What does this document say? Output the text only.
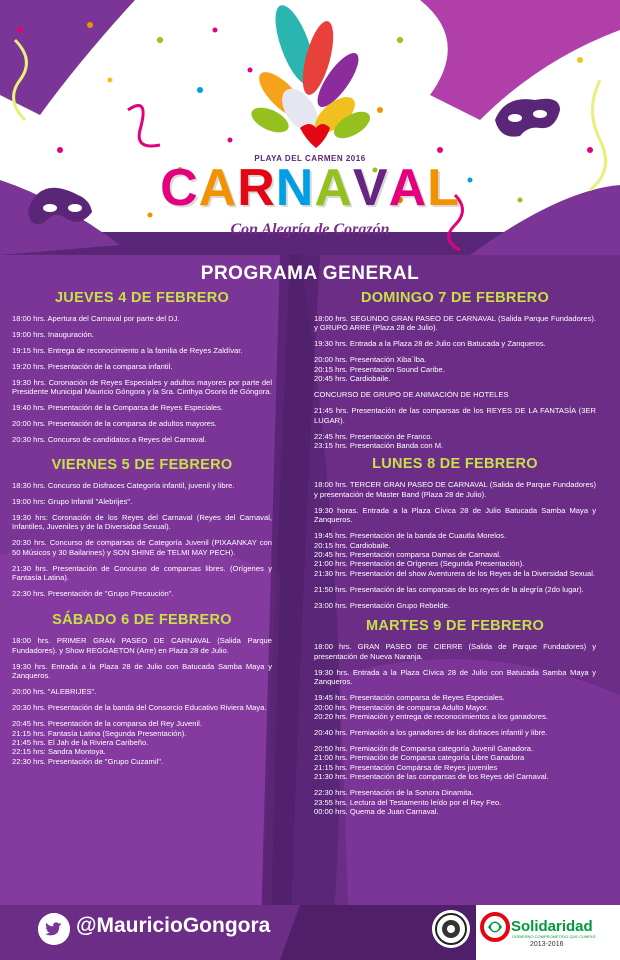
PLAYA DEL CARMEN 2016
CARNAVAL
Con Alegría de Corazón
PROGRAMA GENERAL
JUEVES 4 DE FEBRERO
18:00 hrs. Apertura del Carnaval por parte del DJ.
19:00 hrs. Inauguración.
19:15 hrs. Entrega de reconocimiento a la familia de Reyes Zaldívar.
19:20 hrs. Presentación de la comparsa infantil.
19:30 hrs. Coronación de Reyes Especiales y adultos mayores por parte del Presidente Municipal Mauricio Góngora y la Sra. Cinthya Osorio de Góngora.
19:40 hrs. Presentación de la Comparsa de Reyes Especiales.
20:00 hrs. Presentación de la comparsa de adultos mayores.
20:30 hrs. Concurso de candidatos a Reyes del Carnaval.
VIERNES 5 DE FEBRERO
18:30 hrs. Concurso de Disfraces Categoría infantil, juvenil y libre.
19:00 hrs: Grupo Infantil "Alebrijes".
19:30 hrs: Coronación de los Reyes del Carnaval (Reyes del Carnaval, Infantiles, Juveniles y de la Diversidad Sexual).
20:30 hrs. Concurso de comparsas de Categoría Juvenil (PIXAANKAY con 50 Músicos y 30 Bailarines) y SON SHINE de TELMI MAY PECH).
21:30 hrs. Presentación de Concurso de comparsas libres. (Orígenes y Fantasía Latina).
22:30 hrs. Presentación de "Grupo Precaución".
SÁBADO 6 DE FEBRERO
18:00 hrs. PRIMER GRAN PASEO DE CARNAVAL (Salida Parque Fundadores). y Show REGGAETON (Arre) en Plaza 28 de Julio.
19:30 hrs. Entrada a la Plaza 28 de Julio con Batucada Samba Maya y Zanqueros.
20:00 hrs. "ALEBRIJES".
20:30 hrs. Presentación de la banda del Consorcio Educativo Riviera Maya.
20:45 hrs. Presentación de la comparsa del Rey Juvenil.
21:15 hrs. Fantasía Latina (Segunda Presentación).
21:45 hrs. El Jah de la Riviera Caribeño.
22:15 hrs: Sandra Montoya.
22:30 hrs. Presentación de "Grupo Cuzamil".
DOMINGO 7 DE FEBRERO
18:00 hrs. SEGUNDO GRAN PASEO DE CARNAVAL (Salida Parque Fundadores). y GRUPO ARRE (Plaza 28 de Julio).
19:30 hrs. Entrada a la Plaza 28 de Julio con Batucada y Zanqueros.
20:00 hrs. Presentación Xiba´lba.
20:15 hrs. Presentación Sound Caribe.
20:45 hrs. Cardiobaile.
CONCURSO DE GRUPO DE ANIMACIÓN DE HOTELES
21:45 hrs. Presentación de las comparsas de los REYES DE LA FANTASÍA (3ER LUGAR).
22:45 hrs. Presentación de Franco.
23:15 hrs. Presentación Banda con M.
LUNES 8 DE FEBRERO
18:00 hrs. TERCER GRAN PASEO DE CARNAVAL (Salida de Parque Fundadores) y presentación de Master Band (Plaza 28 de Julio).
19:30 horas. Entrada a la Plaza Cívica 28 de Julio Batucada Samba Maya y Zanqueros.
19:45 hrs. Presentación de la banda de Cuautla Morelos.
20:15 hrs. Cardiobaile.
20:45 hrs. Presentación comparsa Damas de Carnaval.
21:00 hrs. Presentación de Orígenes (Segunda Presentación).
21:30 hrs. Presentación del show Aventurera de los Reyes de la Diversidad Sexual.
21:50 hrs. Presentación de las comparsas de los reyes de la alegría (2do lugar).
23:00 hrs. Presentación Grupo Rebelde.
MARTES 9 DE FEBRERO
18:00 hrs. GRAN PASEO DE CIERRE (Salida de Parque Fundadores) y presentación de Nueva Naranja.
19:30 hrs. Entrada a la Plaza Cívica 28 de Julio con Batucada Samba Maya y Zanqueros.
19:45 hrs. Presentación comparsa de Reyes Especiales.
20:00 hrs. Presentación de comparsa Adulto Mayor.
20:20 hrs. Premiación y entrega de reconocimientos a los ganadores.
20:40 hrs. Premiación a los ganadores de los disfraces infantil y libre.
20:50 hrs. Premiación de Comparsa categoría Juvenil Ganadora.
21:00 hrs. Premiación de Comparsa categoría Libre Ganadora
21:15 hrs. Presentación Compársa de Reyes juveniles
21:30 hrs. Presentación de las comparsas de los Reyes del Carnaval.
22:30 hrs. Presentación de la Sonora Dinamita.
23:55 hrs. Lectura del Testamento leído por el Rey Feo.
00:00 hrs. Quema de Juan Carnaval.
@MauricioGongora	Solidaridad
GOBIERNO COMPROMETIDO QUE CUMPLE
2013-2016
